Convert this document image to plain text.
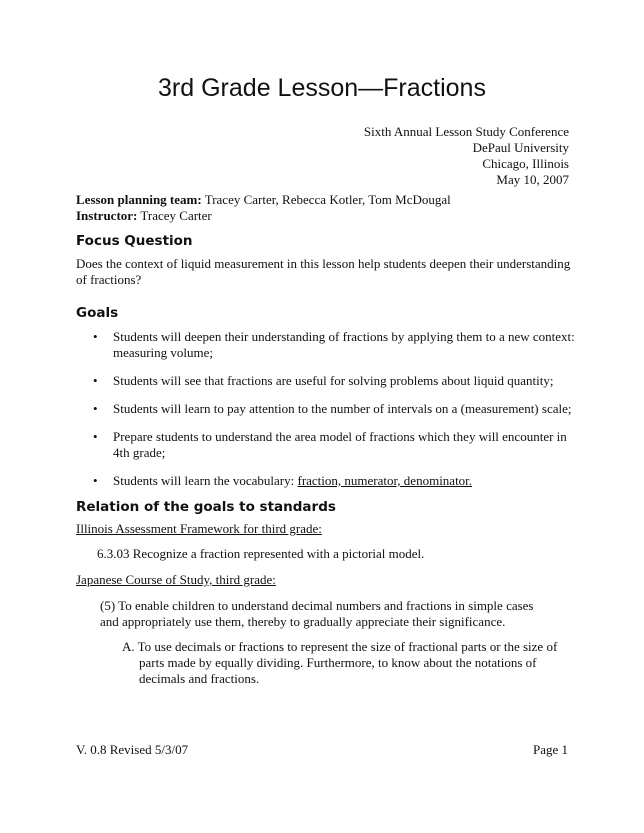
3rd Grade Lesson—Fractions
Sixth Annual Lesson Study Conference
DePaul University
Chicago, Illinois
May 10, 2007
Lesson planning team: Tracey Carter, Rebecca Kotler, Tom McDougal
Instructor: Tracey Carter
Focus Question
Does the context of liquid measurement in this lesson help students deepen their understanding of fractions?
Goals
• Students will deepen their understanding of fractions by applying them to a new context: measuring volume;
• Students will see that fractions are useful for solving problems about liquid quantity;
• Students will learn to pay attention to the number of intervals on a (measurement) scale;
• Prepare students to understand the area model of fractions which they will encounter in 4th grade;
• Students will learn the vocabulary: fraction, numerator, denominator.
Relation of the goals to standards
Illinois Assessment Framework for third grade:
6.3.03 Recognize a fraction represented with a pictorial model.
Japanese Course of Study, third grade:
(5) To enable children to understand decimal numbers and fractions in simple cases and appropriately use them, thereby to gradually appreciate their significance.
A. To use decimals or fractions to represent the size of fractional parts or the size of parts made by equally dividing. Furthermore, to know about the notations of decimals and fractions.
V. 0.8 Revised 5/3/07	Page 1
